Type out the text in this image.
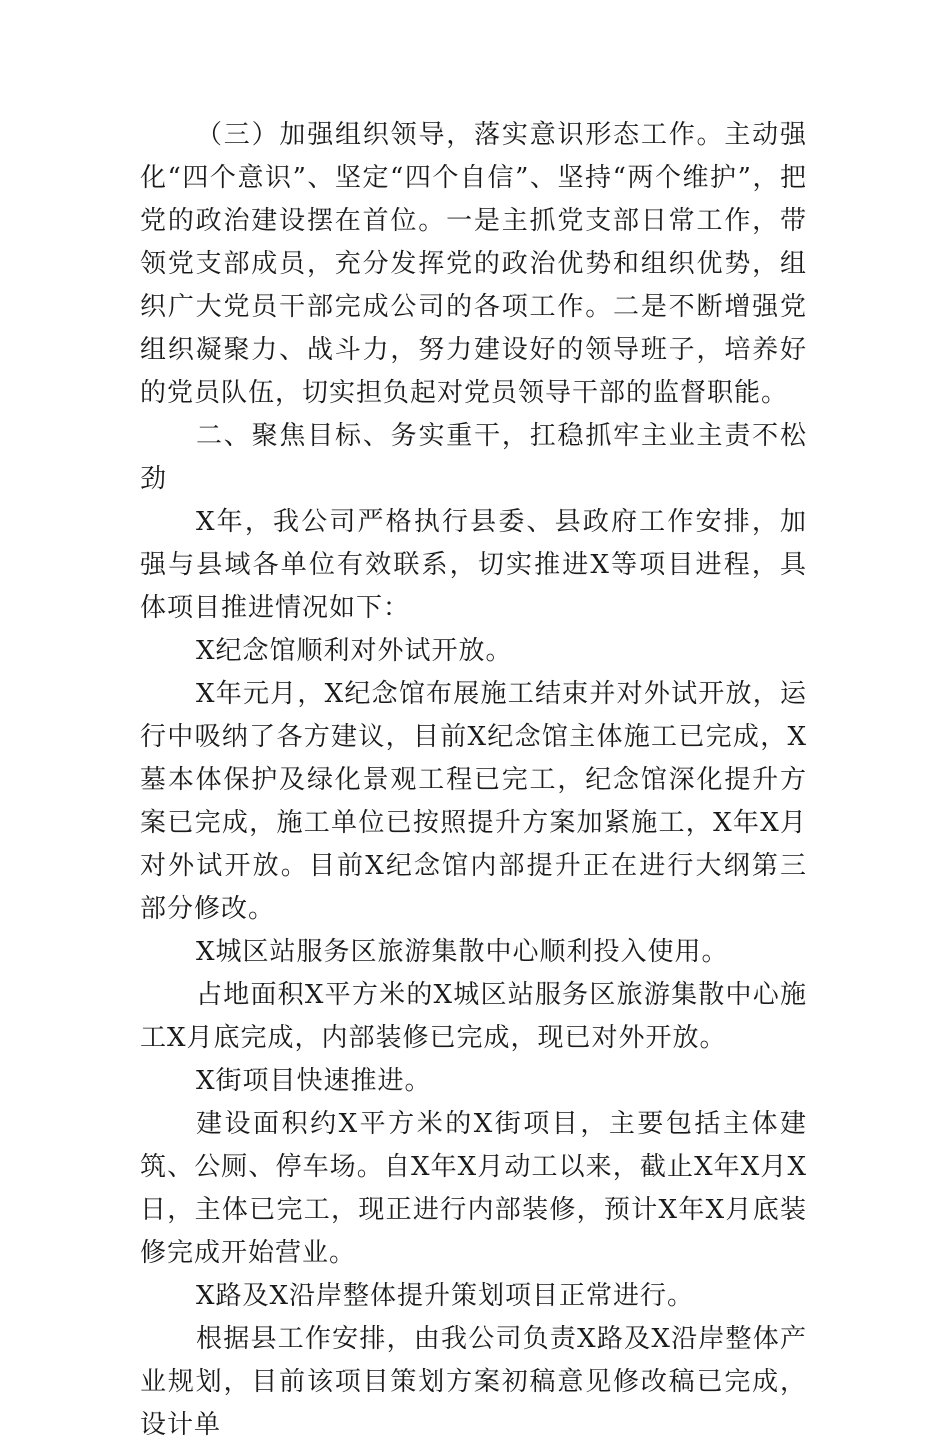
（三）加强组织领导，落实意识形态工作。主动强化“四个意识”、坚定“四个自信”、坚持“两个维护”，把党的政治建设摆在首位。一是主抓党支部日常工作，带领党支部成员，充分发挥党的政治优势和组织优势，组织广大党员干部完成公司的各项工作。二是不断增强党组织凝聚力、战斗力，努力建设好的领导班子，培养好的党员队伍，切实担负起对党员领导干部的监督职能。

二、聚焦目标、务实重干，扛稳抓牢主业主责不松劲

X年，我公司严格执行县委、县政府工作安排，加强与县域各单位有效联系，切实推进X等项目进程，具体项目推进情况如下：

X纪念馆顺利对外试开放。

X年元月，X纪念馆布展施工结束并对外试开放，运行中吸纳了各方建议，目前X纪念馆主体施工已完成，X墓本体保护及绿化景观工程已完工，纪念馆深化提升方案已完成，施工单位已按照提升方案加紧施工，X年X月对外试开放。目前X纪念馆内部提升正在进行大纲第三部分修改。

X城区站服务区旅游集散中心顺利投入使用。

占地面积X平方米的X城区站服务区旅游集散中心施工X月底完成，内部装修已完成，现已对外开放。

X街项目快速推进。

建设面积约X平方米的X街项目，主要包括主体建筑、公厕、停车场。自X年X月动工以来，截止X年X月X日，主体已完工，现正进行内部装修，预计X年X月底装修完成开始营业。

X路及X沿岸整体提升策划项目正常进行。

根据县工作安排，由我公司负责X路及X沿岸整体产业规划，目前该项目策划方案初稿意见修改稿已完成，设计单
